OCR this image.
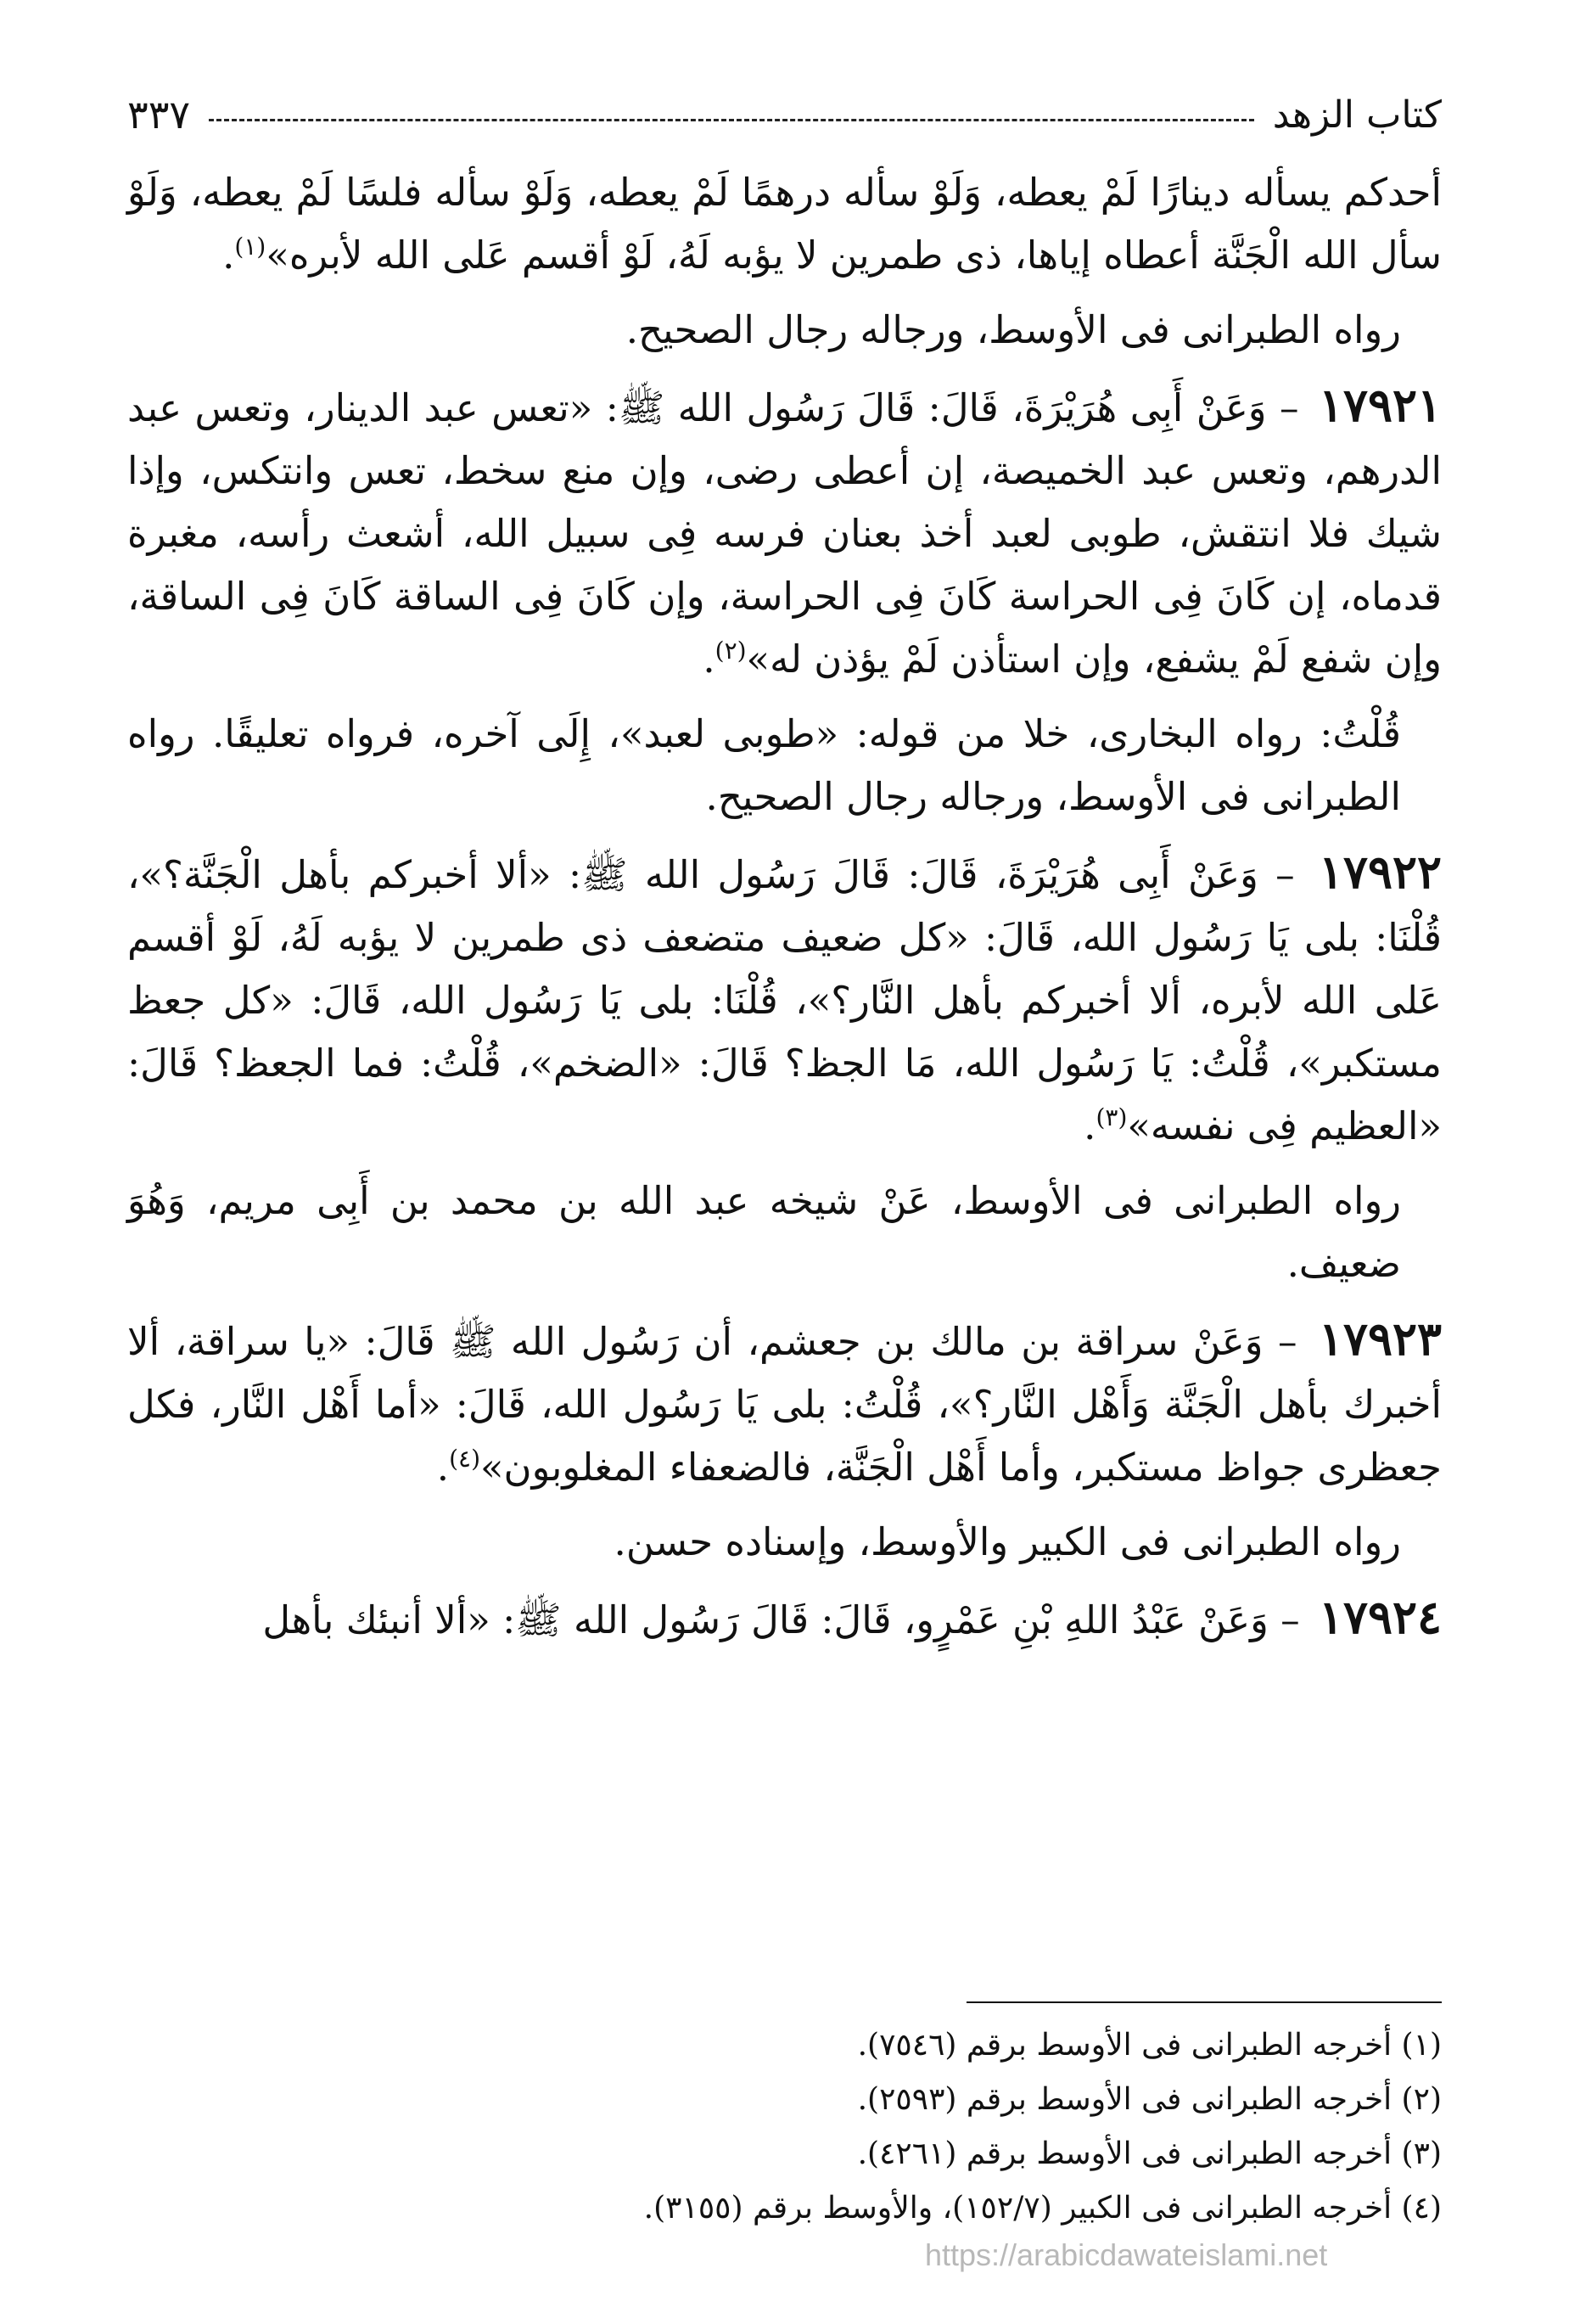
كتاب الزهد
٣٣٧

أحدكم يسأله دينارًا لَمْ يعطه، وَلَوْ سأله درهمًا لَمْ يعطه، وَلَوْ سأله فلسًا لَمْ يعطه، وَلَوْ سأل الله الْجَنَّة أعطاه إياها، ذى طمرين لا يؤبه لَهُ، لَوْ أقسم عَلى الله لأبره»$^{(١)}$.

رواه الطبرانى فى الأوسط، ورجاله رجال الصحيح.

١٧٩٢١ – وَعَنْ أَبِى هُرَيْرَةَ، قَالَ: قَالَ رَسُول الله ﷺ: «تعس عبد الدينار، وتعس عبد الدرهم، وتعس عبد الخميصة، إن أعطى رضى، وإن منع سخط، تعس وانتكس، وإذا شيك فلا انتقش، طوبى لعبد أخذ بعنان فرسه فِى سبيل الله، أشعث رأسه، مغبرة قدماه، إن كَانَ فِى الحراسة كَانَ فِى الحراسة، وإن كَانَ فِى الساقة كَانَ فِى الساقة، وإن شفع لَمْ يشفع، وإن استأذن لَمْ يؤذن له»$^{(٢)}$.

قُلْتُ: رواه البخارى، خلا من قوله: «طوبى لعبد»، إِلَى آخره، فرواه تعليقًا. رواه الطبرانى فى الأوسط، ورجاله رجال الصحيح.

١٧٩٢٢ – وَعَنْ أَبِى هُرَيْرَةَ، قَالَ: قَالَ رَسُول الله ﷺ: «ألا أخبركم بأهل الْجَنَّة؟»، قُلْنَا: بلى يَا رَسُول الله، قَالَ: «كل ضعيف متضعف ذى طمرين لا يؤبه لَهُ، لَوْ أقسم عَلى الله لأبره، ألا أخبركم بأهل النَّار؟»، قُلْنَا: بلى يَا رَسُول الله، قَالَ: «كل جعظ مستكبر»، قُلْتُ: يَا رَسُول الله، مَا الجظ؟ قَالَ: «الضخم»، قُلْتُ: فما الجعظ؟ قَالَ: «العظيم فِى نفسه»$^{(٣)}$.

رواه الطبرانى فى الأوسط، عَنْ شيخه عبد الله بن محمد بن أَبِى مريم، وَهُوَ ضعيف.

١٧٩٢٣ – وَعَنْ سراقة بن مالك بن جعشم، أن رَسُول الله ﷺ قَالَ: «يا سراقة، ألا أخبرك بأهل الْجَنَّة وَأَهْل النَّار؟»، قُلْتُ: بلى يَا رَسُول الله، قَالَ: «أما أَهْل النَّار، فكل جعظرى جواظ مستكبر، وأما أَهْل الْجَنَّة، فالضعفاء المغلوبون»$^{(٤)}$.

رواه الطبرانى فى الكبير والأوسط، وإسناده حسن.

١٧٩٢٤ – وَعَنْ عَبْدُ اللهِ بْنِ عَمْرٍو، قَالَ: قَالَ رَسُول الله ﷺ: «ألا أنبئك بأهل

(١) أخرجه الطبرانى فى الأوسط برقم (٧٥٤٦).

(٢) أخرجه الطبرانى فى الأوسط برقم (٢٥٩٣).

(٣) أخرجه الطبرانى فى الأوسط برقم (٤٢٦١).

(٤) أخرجه الطبرانى فى الكبير (١٥٢/٧)، والأوسط برقم (٣١٥٥).

https://arabicdawateislami.net
